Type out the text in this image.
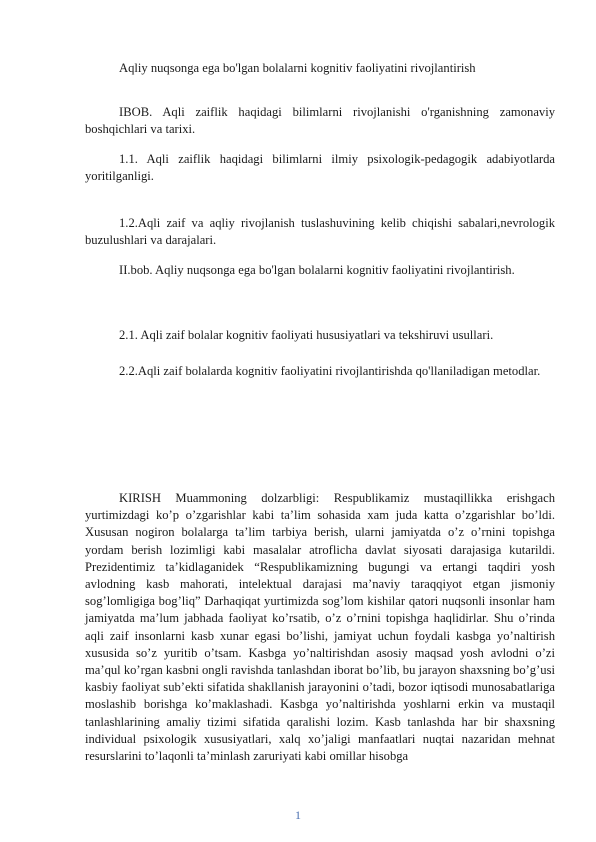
Aqliy nuqsonga ega bo'lgan bolalarni kognitiv faoliyatini rivojlantirish

IBOB. Aqli zaiflik haqidagi bilimlarni rivojlanishi o'rganishning zamonaviy boshqichlari va tarixi.

1.1. Aqli zaiflik haqidagi bilimlarni ilmiy psixologik-pedagogik adabiyotlarda yoritilganligi.

1.2.Aqli zaif va aqliy rivojlanish tuslashuvining kelib chiqishi sabalari,nevrologik buzulushlari va darajalari.

II.bob. Aqliy nuqsonga ega bo'lgan bolalarni kognitiv faoliyatini rivojlantirish.

2.1. Aqli zaif bolalar kognitiv faoliyati hususiyatlari va tekshiruvi usullari.

2.2.Aqli zaif bolalarda kognitiv faoliyatini rivojlantirishda qo'llaniladigan metodlar.

KIRISH Muammoning dolzarbligi: Respublikamiz mustaqillikka erishgach yurtimizdagi ko’p o’zgarishlar kabi ta’lim sohasida xam juda katta o’zgarishlar bo’ldi. Xususan nogiron bolalarga ta’lim tarbiya berish, ularni jamiyatda o’z o’rnini topishga yordam berish lozimligi kabi masalalar atroflicha davlat siyosati darajasiga kutarildi. Prezidentimiz ta’kidlaganidek “Respublikamizning bugungi va ertangi taqdiri yosh avlodning kasb mahorati, intelektual darajasi ma’naviy taraqqiyot etgan jismoniy sog’lomligiga bog’liq” Darhaqiqat yurtimizda sog’lom kishilar qatori nuqsonli insonlar ham jamiyatda ma’lum jabhada faoliyat ko’rsatib, o’z o’rnini topishga haqlidirlar. Shu o’rinda aqli zaif insonlarni kasb xunar egasi bo’lishi, jamiyat uchun foydali kasbga yo’naltirish xususida so’z yuritib o’tsam. Kasbga yo’naltirishdan asosiy maqsad yosh avlodni o’zi ma’qul ko’rgan kasbni ongli ravishda tanlashdan iborat bo’lib, bu jarayon shaxsning bo’g’usi kasbiy faoliyat sub’ekti sifatida shakllanish jarayonini o’tadi, bozor iqtisodi munosabatlariga moslashib borishga ko’maklashadi. Kasbga yo’naltirishda yoshlarni erkin va mustaqil tanlashlarining amaliy tizimi sifatida qaralishi lozim. Kasb tanlashda har bir shaxsning individual psixologik xususiyatlari, xalq xo’jaligi manfaatlari nuqtai nazaridan mehnat resurslarini to’laqonli ta’minlash zaruriyati kabi omillar hisobga

1
